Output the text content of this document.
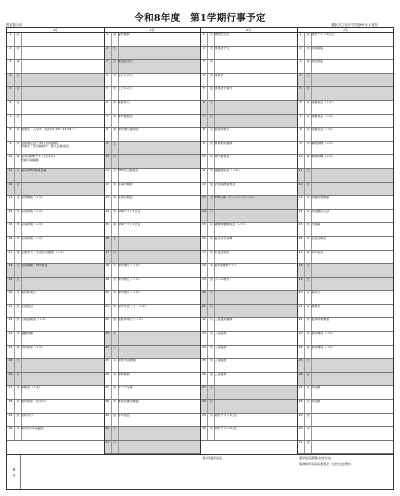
令和8年度　第1学期行事予定
教室掲示用	横浜市立石川中学校HP 4-1 配布
4月
1	水
2	木
3	金
4	土
5	日
6	月
7	火
8	水 始業式　入学式（受付11:00～14:00～）
9	木 身体測定(1～3年) 特別時程
対面式・部活動紹介・新入生歓迎会
10	金 第1回標準テスト(全学年)
学級写真撮影
11	土 第1回PTA役員会議
12	日
13	月 給食開始（１年）
14	火 家庭訪問（１年）
15	水 家庭訪問（２年）
16	木 家庭訪問（３年）
17	金 全国学力・学習状況調査（３年）
18	土 授業参観・PTA総会
19	日
20	月 振替休業日
21	火 生徒総会
22	水 心電図検査（１年）
23	木 避難訓練
24	金 内科検診（１年）
25	土
26	日
27	月 尿検査（１次）
28	火 眼科検診（全学年）
29	水 昭和の日
30	木 第1回学年協議会
5月
1	金 歯科検診
2	土
3	日 憲法記念日
4	月 みどりの日
5	火 こどもの日
6	水 振替休日
7	木 専門委員会
8	金 修学旅行説明会
9	土
10	日
11	月 PTA実行委員会
12	火 耳鼻科検診
13	水 生徒会朝会
14	木 中間テスト1日目
15	金 中間テスト2日目
16	土
17	日
18	月 修学旅行（３年）
19	火 修学旅行（３年）
20	水 修学旅行（３年）
21	木 校外学習（１・２年）
22	金 振替休業日（３年）
23	土
24	日
25	月 教育実習開始
26	火 結核検診
27	水 クラス写真
28	木 体育祭練習開始
29	金 学年集会
30	土
31	日
6月
1	月 開校記念日
2	火 体育祭予行
3	水
4	木 体育祭
5	金 体育祭予備日
6	土
7	日
8	月 振替休業日
9	火 教育相談週間
10	水 専門委員会
11	木 進路説明会（３年）
12	金 学校保健委員会
13	土 PTA行事（オープンスクール）
14	日
15	月 職場体験説明会（２年）
16	火 歯みがき指導
17	水 生徒会朝会
18	木 第2回標準テスト
19	金 プール開き
20	土
21	日
22	月 三者面談週間
23	火 三者面談
24	水 三者面談
25	木 三者面談
26	金 三者面談
27	土
28	日
29	月 期末テスト1日目
30	火 期末テスト2日目
7月
1	水 期末テスト3日目
2	木 特別時程
3	金 防犯教室
4	土
5	日
6	月 保護者会（１年）
7	火 保護者会（２年）
8	水 保護者会（３年）
9	木 職場体験（２年）
10	金 職場体験（２年）
11	土
12	日
13	月 短縮授業開始
14	火 部活動壮行会
15	水 大掃除
16	木 生徒会朝会
17	金 学年集会
18	土
19	日
20	月 海の日
21	火 終業式
22	水 夏季休業開始
23	木 夏季補習（３年）
24	金 夏季補習（３年）
25	土
26	日
27	月 部活動
28	火 部活動
29	水
30	木
31	金
備　考
第1回通学指定	通学指定期間(全校生徒)
保健体育家庭系委員会（全校生徒登校）
